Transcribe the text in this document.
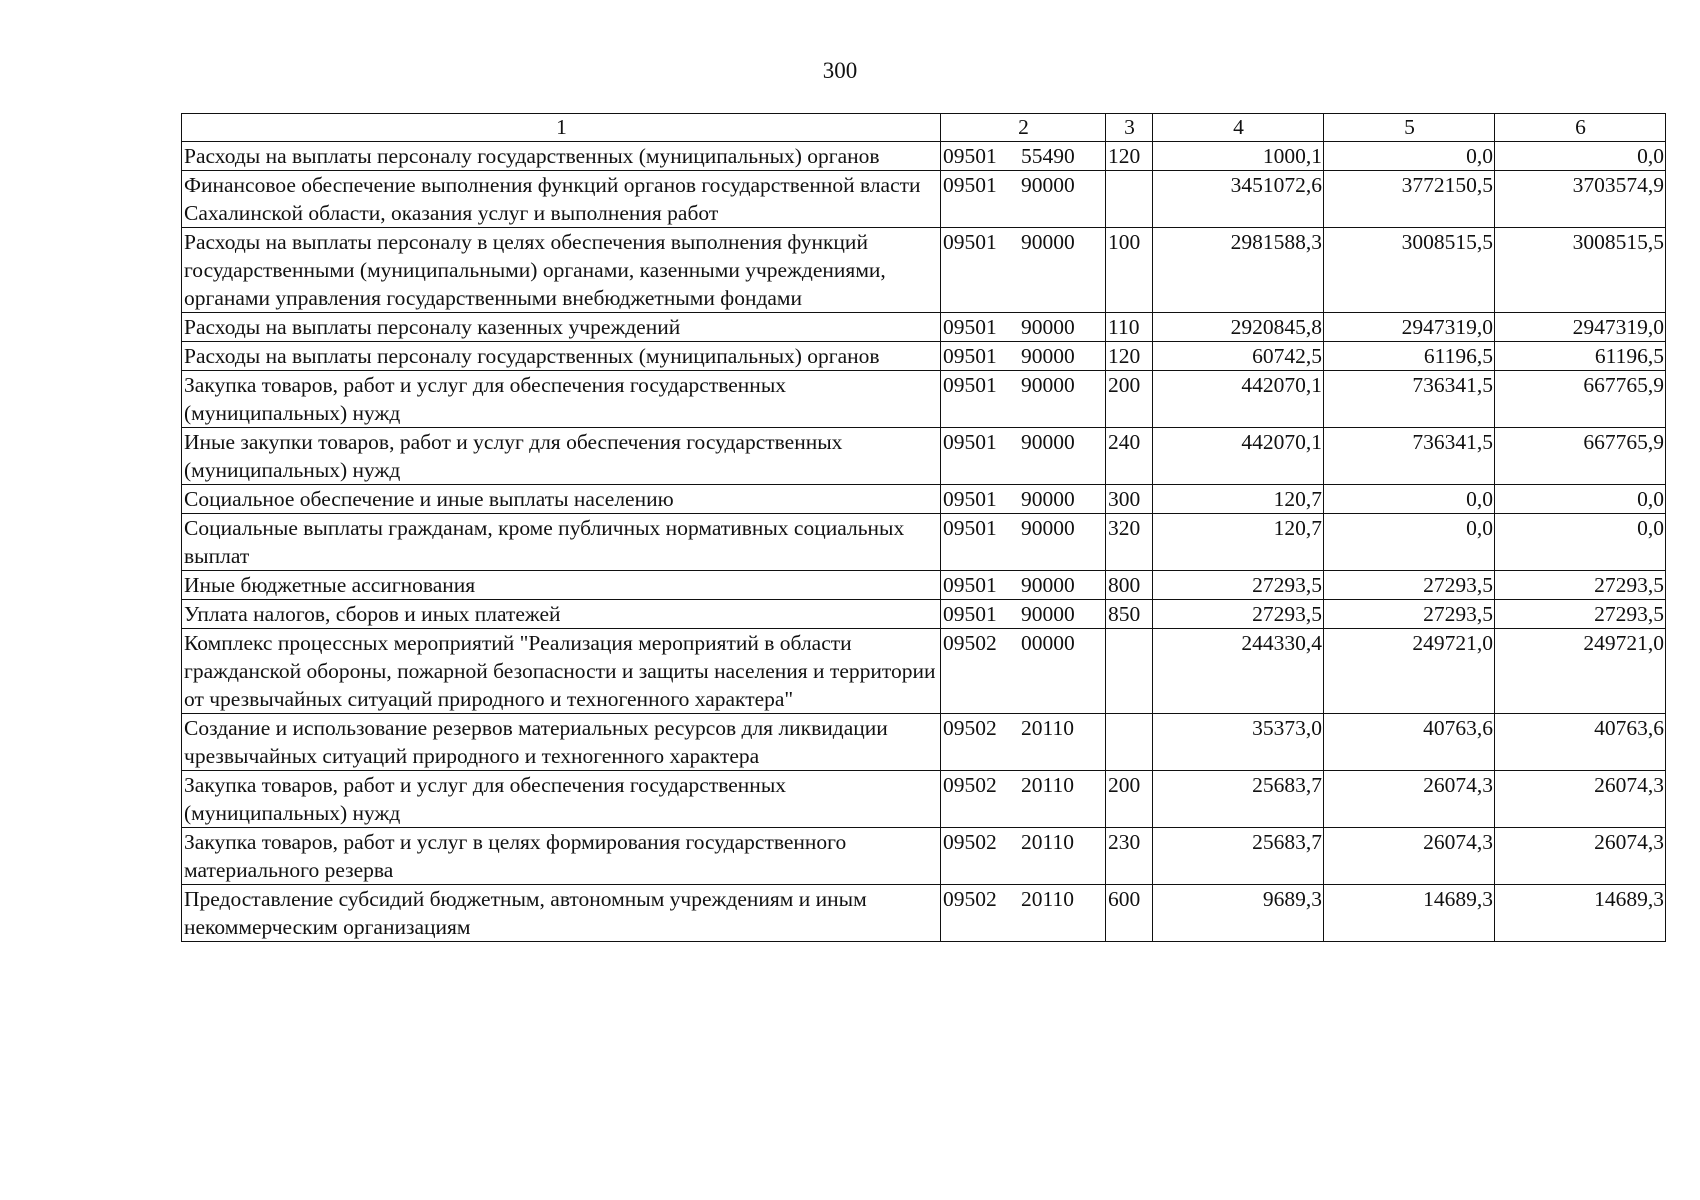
300
1	2	3	4	5	6
Расходы на выплаты персоналу государственных (муниципальных) органов	09501 55490	120	1000,1	0,0	0,0
Финансовое обеспечение выполнения функций органов государственной власти Сахалинской области, оказания услуг и выполнения работ	09501 90000		3451072,6	3772150,5	3703574,9
Расходы на выплаты персоналу в целях обеспечения выполнения функций государственными (муниципальными) органами, казенными учреждениями, органами управления государственными внебюджетными фондами	09501 90000	100	2981588,3	3008515,5	3008515,5
Расходы на выплаты персоналу казенных учреждений	09501 90000	110	2920845,8	2947319,0	2947319,0
Расходы на выплаты персоналу государственных (муниципальных) органов	09501 90000	120	60742,5	61196,5	61196,5
Закупка товаров, работ и услуг для обеспечения государственных (муниципальных) нужд	09501 90000	200	442070,1	736341,5	667765,9
Иные закупки товаров, работ и услуг для обеспечения государственных (муниципальных) нужд	09501 90000	240	442070,1	736341,5	667765,9
Социальное обеспечение и иные выплаты населению	09501 90000	300	120,7	0,0	0,0
Социальные выплаты гражданам, кроме публичных нормативных социальных выплат	09501 90000	320	120,7	0,0	0,0
Иные бюджетные ассигнования	09501 90000	800	27293,5	27293,5	27293,5
Уплата налогов, сборов и иных платежей	09501 90000	850	27293,5	27293,5	27293,5
Комплекс процессных мероприятий "Реализация мероприятий в области гражданской обороны, пожарной безопасности и защиты населения и территории от чрезвычайных ситуаций природного и техногенного характера"	09502 00000		244330,4	249721,0	249721,0
Создание и использование резервов материальных ресурсов для ликвидации чрезвычайных ситуаций природного и техногенного характера	09502 20110		35373,0	40763,6	40763,6
Закупка товаров, работ и услуг для обеспечения государственных (муниципальных) нужд	09502 20110	200	25683,7	26074,3	26074,3
Закупка товаров, работ и услуг в целях формирования государственного материального резерва	09502 20110	230	25683,7	26074,3	26074,3
Предоставление субсидий бюджетным, автономным учреждениям и иным некоммерческим организациям	09502 20110	600	9689,3	14689,3	14689,3
